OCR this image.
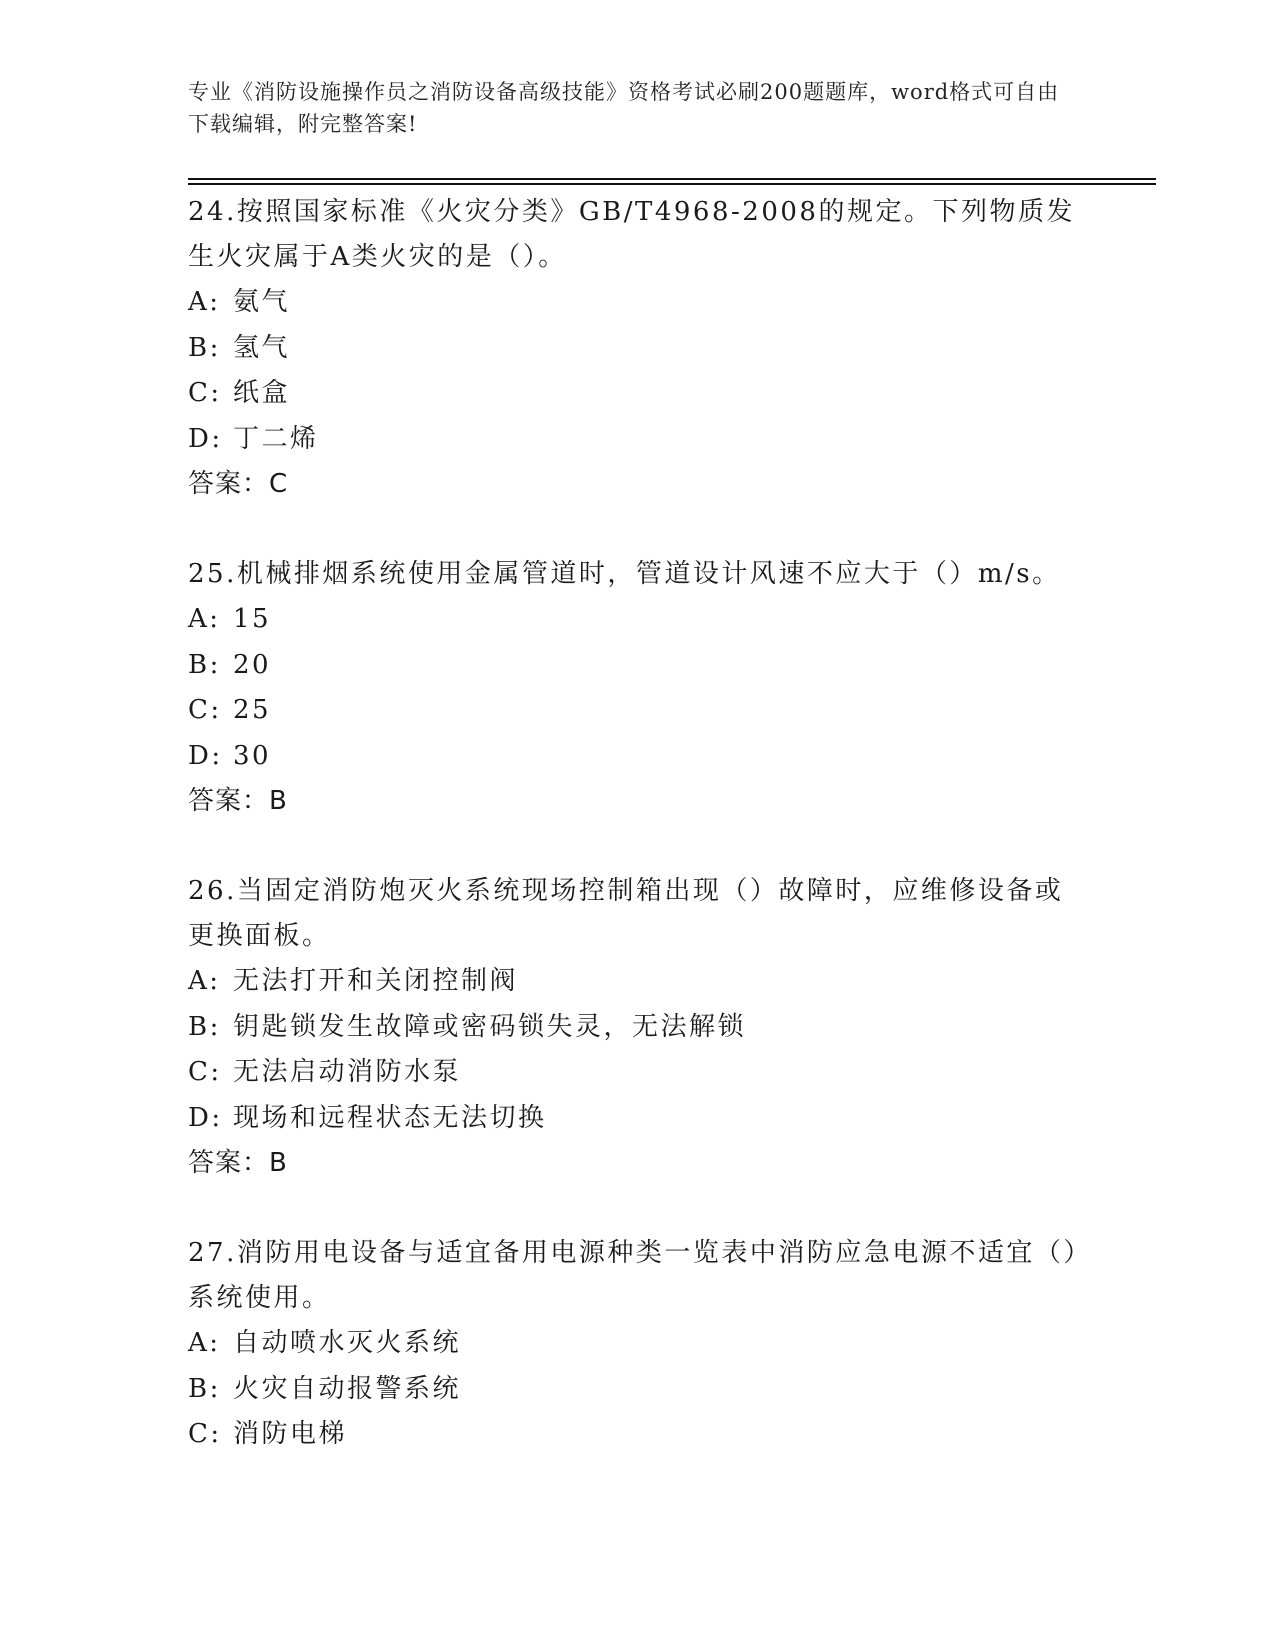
专业《消防设施操作员之消防设备高级技能》资格考试必刷200题题库，word格式可自由下载编辑，附完整答案!

24.按照国家标准《火灾分类》GB/T4968-2008的规定。下列物质发生火灾属于A类火灾的是（）。

A: 氨气

B: 氢气

C: 纸盒

D: 丁二烯

答案：C

25.机械排烟系统使用金属管道时，管道设计风速不应大于（）m/s。

A: 15

B: 20

C: 25

D: 30

答案：B

26.当固定消防炮灭火系统现场控制箱出现（）故障时，应维修设备或更换面板。

A: 无法打开和关闭控制阀

B: 钥匙锁发生故障或密码锁失灵，无法解锁

C: 无法启动消防水泵

D: 现场和远程状态无法切换

答案：B

27.消防用电设备与适宜备用电源种类一览表中消防应急电源不适宜（）系统使用。

A: 自动喷水灭火系统

B: 火灾自动报警系统

C: 消防电梯
